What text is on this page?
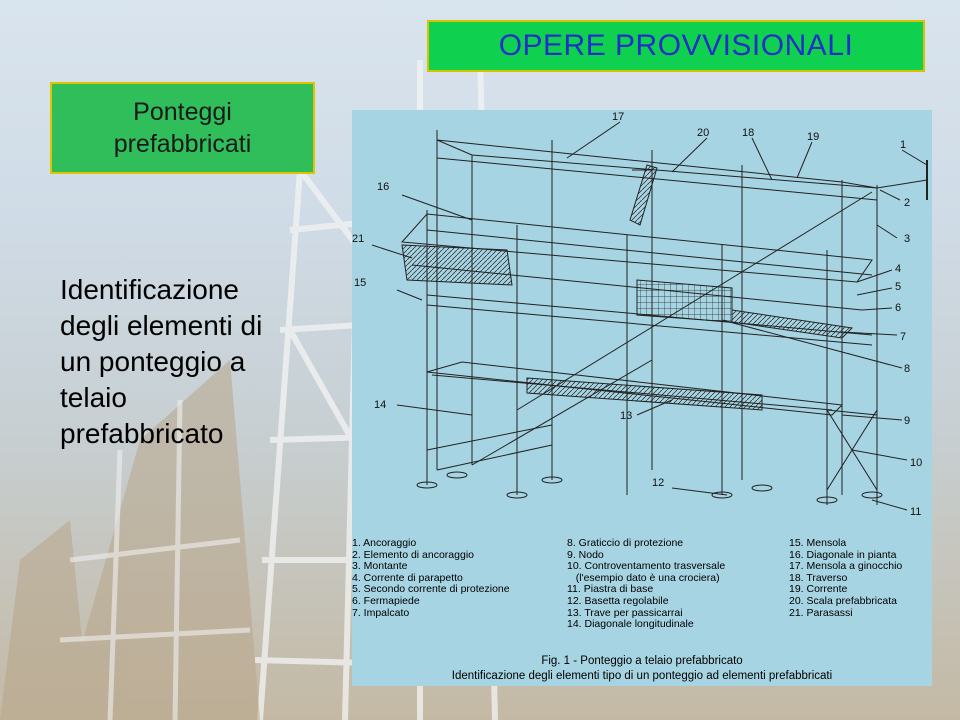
OPERE PROVVISIONALI
Ponteggi
prefabbricati
Identificazione
degli elementi di
un ponteggio a
telaio
prefabbricato
17
20	18	19
1
2
3
4
5
6
7
8
9
10
11
12
13
14
15
16
21
1. Ancoraggio
2. Elemento di ancoraggio
3. Montante
4. Corrente di parapetto
5. Secondo corrente di protezione
6. Fermapiede
7. Impalcato
8. Graticcio di protezione
9. Nodo
10. Controventamento trasversale
(l'esempio dato è una crociera)
11. Piastra di base
12. Basetta regolabile
13. Trave per passicarrai
14. Diagonale longitudinale
15. Mensola
16. Diagonale in pianta
17. Mensola a ginocchio
18. Traverso
19. Corrente
20. Scala prefabbricata
21. Parasassi
Fig. 1 - Ponteggio a telaio prefabbricato
Identificazione degli elementi tipo di un ponteggio ad elementi prefabbricati
